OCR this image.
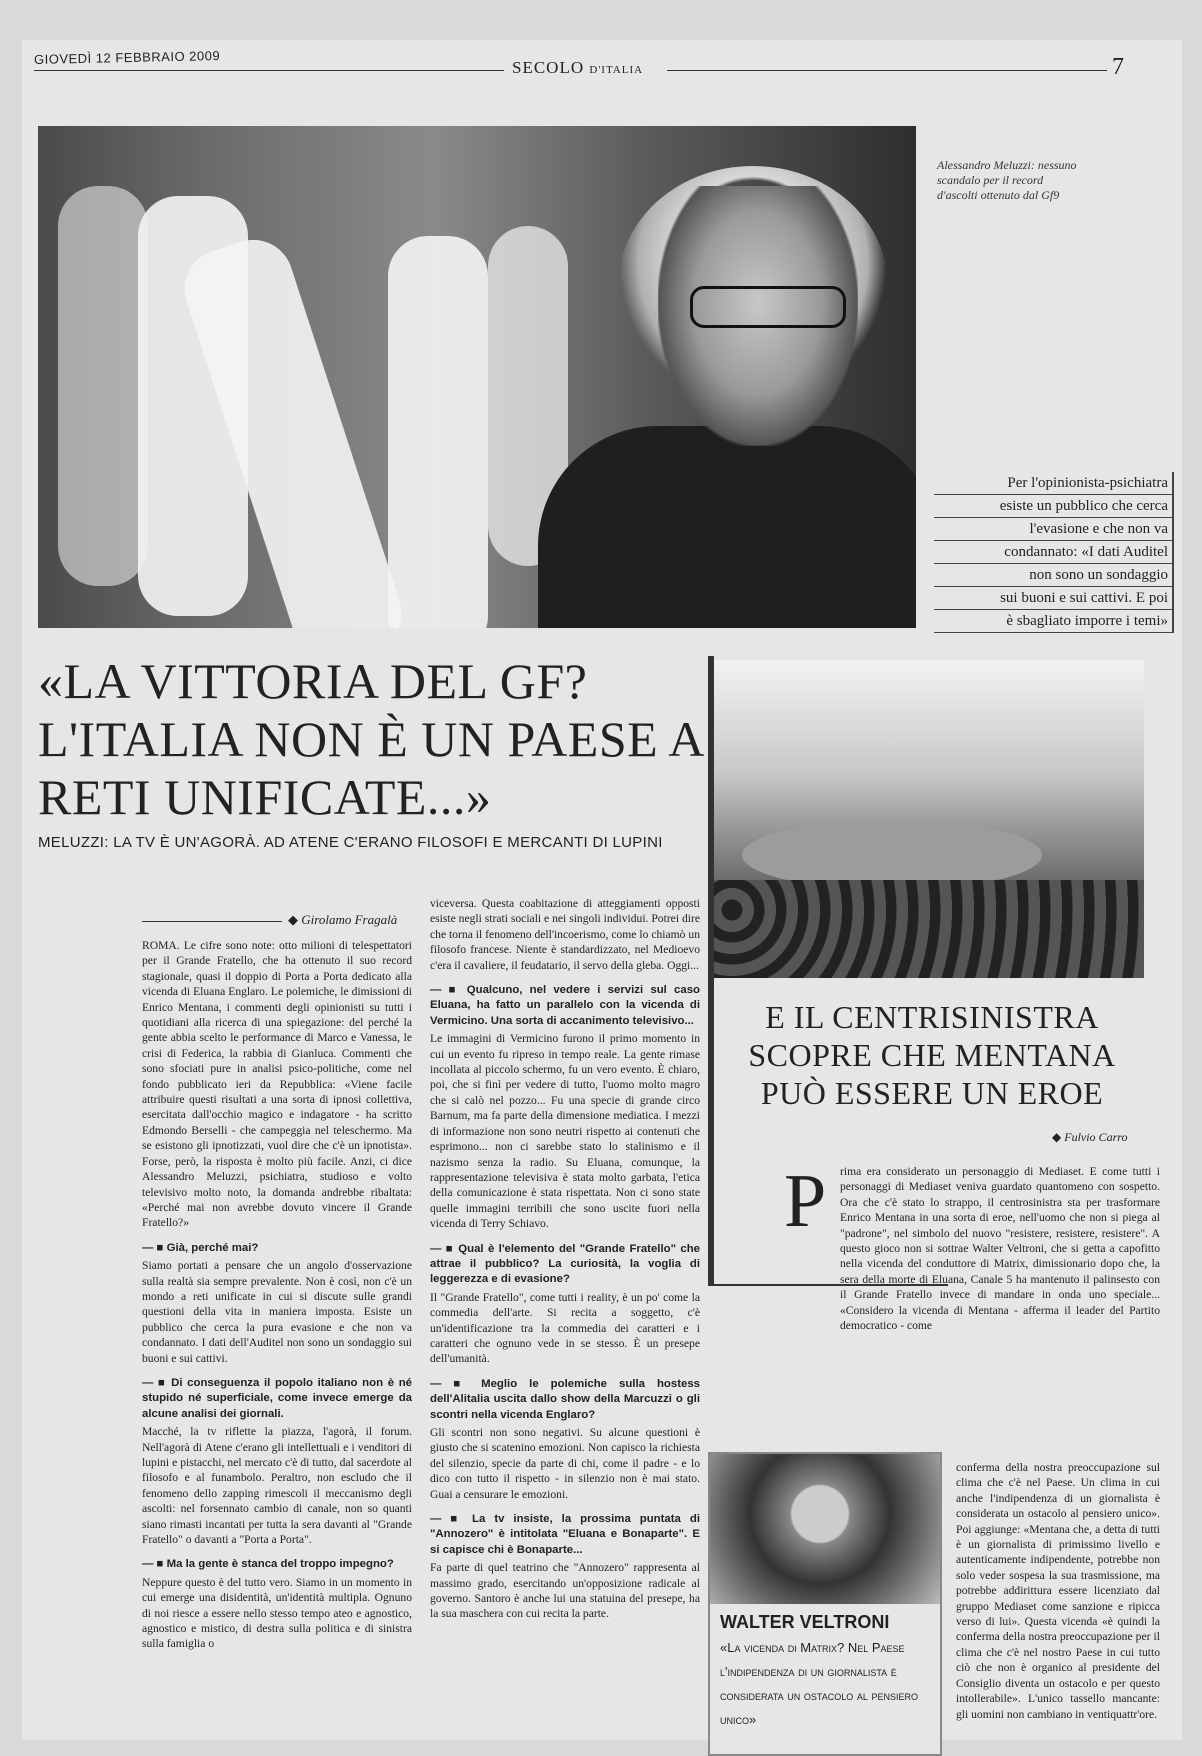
GIOVEDÌ 12 FEBBRAIO 2009
SECOLO D'ITALIA	7
Alessandro Meluzzi: nessuno scandalo per il record d'ascolti ottenuto dal Gf9
Per l'opinionista-psichiatra
esiste un pubblico che cerca
l'evasione e che non va
condannato: «I dati Auditel
non sono un sondaggio
sui buoni e sui cattivi. E poi
è sbagliato imporre i temi»
«LA VITTORIA DEL GF? L'ITALIA NON È UN PAESE A RETI UNIFICATE...»
MELUZZI: LA TV È UN'AGORÀ. AD ATENE C'ERANO FILOSOFI E MERCANTI DI LUPINI
◆ Girolamo Fragalà

ROMA. Le cifre sono note: otto milioni di telespettatori per il Grande Fratello, che ha ottenuto il suo record stagionale, quasi il doppio di Porta a Porta dedicato alla vicenda di Eluana Englaro. Le polemiche, le dimissioni di Enrico Mentana, i commenti degli opinionisti su tutti i quotidiani alla ricerca di una spiegazione: del perché la gente abbia scelto le performance di Marco e Vanessa, le crisi di Federica, la rabbia di Gianluca. Commenti che sono sfociati pure in analisi psico-politiche, come nel fondo pubblicato ieri da Repubblica: «Viene facile attribuire questi risultati a una sorta di ipnosi collettiva, esercitata dall'occhio magico e indagatore - ha scritto Edmondo Berselli - che campeggia nel teleschermo. Ma se esistono gli ipnotizzati, vuol dire che c'è un ipnotista». Forse, però, la risposta è molto più facile. Anzi, ci dice Alessandro Meluzzi, psichiatra, studioso e volto televisivo molto noto, la domanda andrebbe ribaltata: «Perché mai non avrebbe dovuto vincere il Grande Fratello?»

— ■ Già, perché mai?

Siamo portati a pensare che un angolo d'osservazione sulla realtà sia sempre prevalente. Non è così, non c'è un mondo a reti unificate in cui si discute sulle grandi questioni della vita in maniera imposta. Esiste un pubblico che cerca la pura evasione e che non va condannato. I dati dell'Auditel non sono un sondaggio sui buoni e sui cattivi.

— ■ Di conseguenza il popolo italiano non è né stupido né superficiale, come invece emerge da alcune analisi dei giornali.

Macché, la tv riflette la piazza, l'agorà, il forum. Nell'agorà di Atene c'erano gli intellettuali e i venditori di lupini e pistacchi, nel mercato c'è di tutto, dal sacerdote al filosofo e al funambolo. Peraltro, non escludo che il fenomeno dello zapping rimescoli il meccanismo degli ascolti: nel forsennato cambio di canale, non so quanti siano rimasti incantati per tutta la sera davanti al "Grande Fratello" o davanti a "Porta a Porta".

— ■ Ma la gente è stanca del troppo impegno?

Neppure questo è del tutto vero. Siamo in un momento in cui emerge una disidentità, un'identità multipla. Ognuno di noi riesce a essere nello stesso tempo ateo e agnostico, agnostico e mistico, di destra sulla politica e di sinistra sulla famiglia o

viceversa. Questa coabitazione di atteggiamenti opposti esiste negli strati sociali e nei singoli individui. Potrei dire che torna il fenomeno dell'incoerismo, come lo chiamò un filosofo francese. Niente è standardizzato, nel Medioevo c'era il cavaliere, il feudatario, il servo della gleba. Oggi...

— ■ Qualcuno, nel vedere i servizi sul caso Eluana, ha fatto un parallelo con la vicenda di Vermicino. Una sorta di accanimento televisivo...

Le immagini di Vermicino furono il primo momento in cui un evento fu ripreso in tempo reale. La gente rimase incollata al piccolo schermo, fu un vero evento. È chiaro, poi, che si finì per vedere di tutto, l'uomo molto magro che si calò nel pozzo... Fu una specie di grande circo Barnum, ma fa parte della dimensione mediatica. I mezzi di informazione non sono neutri rispetto ai contenuti che esprimono... non ci sarebbe stato lo stalinismo e il nazismo senza la radio. Su Eluana, comunque, la rappresentazione televisiva è stata molto garbata, l'etica della comunicazione è stata rispettata. Non ci sono state quelle immagini terribili che sono uscite fuori nella vicenda di Terry Schiavo.

— ■ Qual è l'elemento del "Grande Fratello" che attrae il pubblico? La curiosità, la voglia di leggerezza e di evasione?

Il "Grande Fratello", come tutti i reality, è un po' come la commedia dell'arte. Si recita a soggetto, c'è un'identificazione tra la commedia dei caratteri e i caratteri che ognuno vede in se stesso. È un presepe dell'umanità.

— ■ Meglio le polemiche sulla hostess dell'Alitalia uscita dallo show della Marcuzzi o gli scontri nella vicenda Englaro?

Gli scontri non sono negativi. Su alcune questioni è giusto che si scatenino emozioni. Non capisco la richiesta del silenzio, specie da parte di chi, come il padre - e lo dico con tutto il rispetto - in silenzio non è mai stato. Guai a censurare le emozioni.

— ■ La tv insiste, la prossima puntata di "Annozero" è intitolata "Eluana e Bonaparte". E si capisce chi è Bonaparte...

Fa parte di quel teatrino che "Annozero" rappresenta al massimo grado, esercitando un'opposizione radicale al governo. Santoro è anche lui una statuina del presepe, ha la sua maschera con cui recita la parte.

E IL CENTRISINISTRA SCOPRE CHE MENTANA PUÒ ESSERE UN EROE
◆ Fulvio Carro
P rima era considerato un personaggio di Mediaset. E come tutti i personaggi di Mediaset veniva guardato quantomeno con sospetto. Ora che c'è stato lo strappo, il centrosinistra sta per trasformare Enrico Mentana in una sorta di eroe, nell'uomo che non si piega al "padrone", nel simbolo del nuovo "resistere, resistere, resistere". A questo gioco non si sottrae Walter Veltroni, che si getta a capofitto nella vicenda del conduttore di Matrix, dimissionario dopo che, la sera della morte di Eluana, Canale 5 ha mantenuto il palinsesto con il Grande Fratello invece di mandare in onda uno speciale... «Considero la vicenda di Mentana - afferma il leader del Partito democratico - come
conferma della nostra preoccupazione sul clima che c'è nel Paese. Un clima in cui anche l'indipendenza di un giornalista è considerata un ostacolo al pensiero unico». Poi aggiunge: «Mentana che, a detta di tutti è un giornalista di primissimo livello e autenticamente indipendente, potrebbe non solo veder sospesa la sua trasmissione, ma potrebbe addirittura essere licenziato dal gruppo Mediaset come sanzione e ripicca verso di lui». Questa vicenda «è quindi la conferma della nostra preoccupazione per il clima che c'è nel nostro Paese in cui tutto ciò che non è organico al presidente del Consiglio diventa un ostacolo e per questo intollerabile». L'unico tassello mancante: gli uomini non cambiano in ventiquattr'ore.
WALTER VELTRONI
«La vicenda di Matrix? Nel Paese l'indipendenza di un giornalista è considerata un ostacolo al pensiero unico»
